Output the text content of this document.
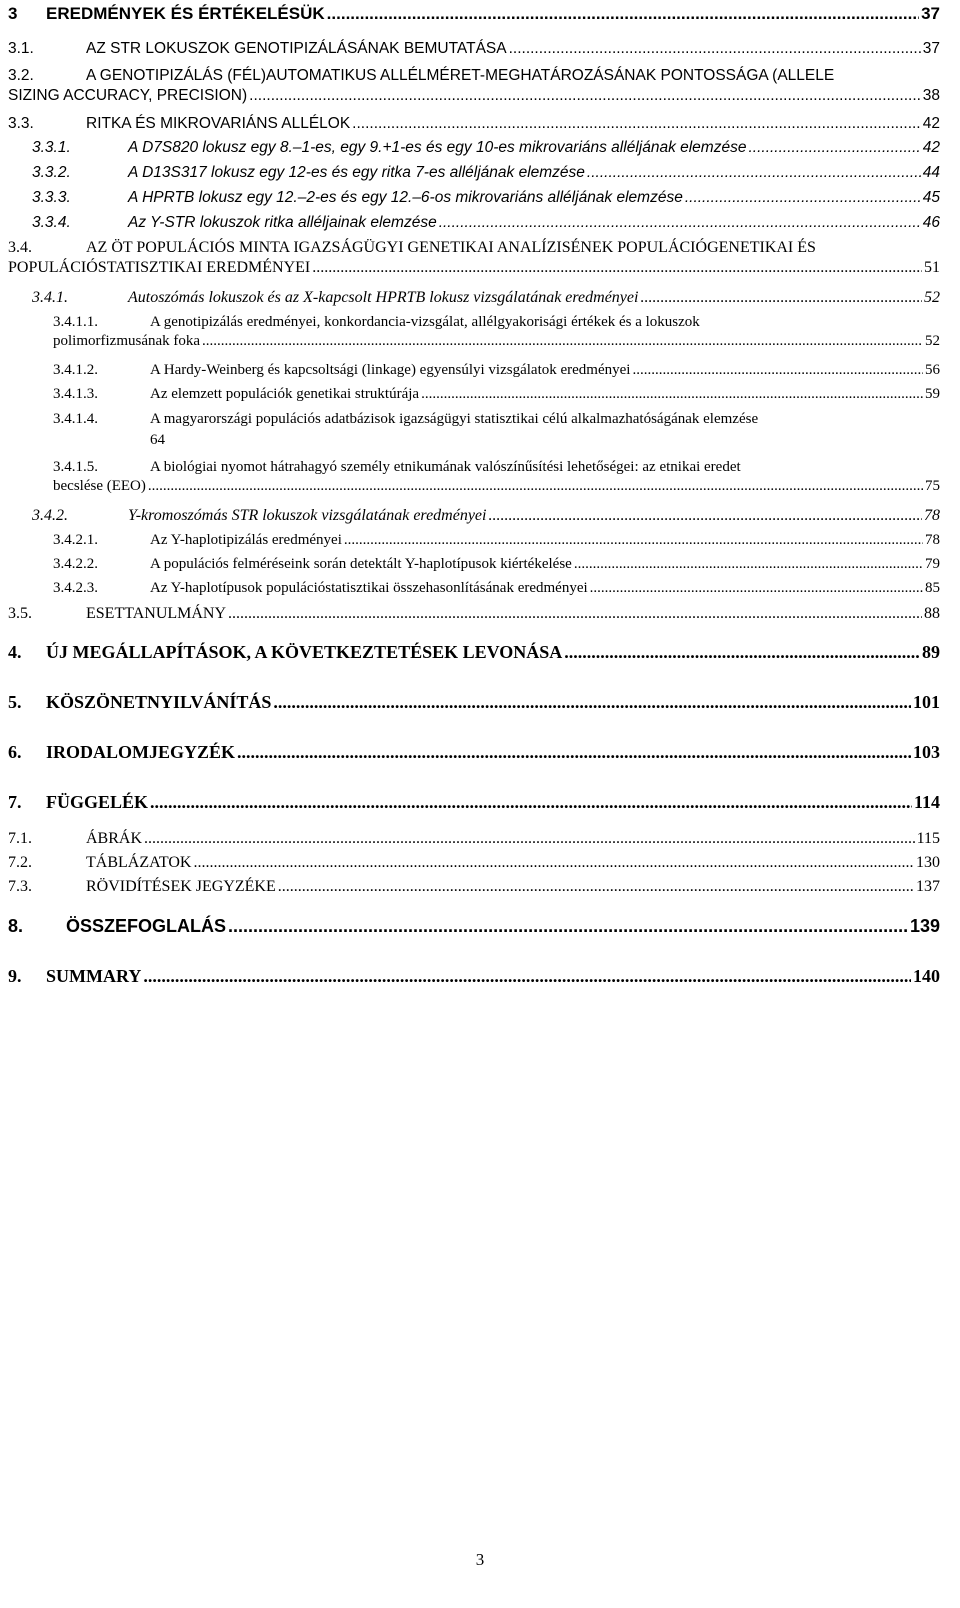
3	EREDMÉNYEK ÉS ÉRTÉKELÉSÜK .....	37
3.1.	AZ STR LOKUSZOK GENOTIPIZÁLÁSÁNAK BEMUTATÁSA .....	37
3.2.	A GENOTIPIZÁLÁS (FÉL)AUTOMATIKUS ALLÉLMÉRET-MEGHATÁROZÁSÁNAK PONTOSSÁGA (ALLELE
SIZING ACCURACY, PRECISION) .....	38
3.3.	RITKA ÉS MIKROVARIÁNS ALLÉLOK .....	42
3.3.1.	A D7S820 lokusz egy 8.–1-es, egy 9.+1-es és egy 10-es mikrovariáns alléljának elemzése .....	42
3.3.2.	A D13S317 lokusz egy 12-es és egy ritka 7-es alléljának elemzése .....	44
3.3.3.	A HPRTB lokusz egy 12.–2-es és egy 12.–6-os mikrovariáns alléljának elemzése .....	45
3.3.4.	Az Y-STR lokuszok ritka alléljainak elemzése .....	46
3.4.	AZ ÖT POPULÁCIÓS MINTA IGAZSÁGÜGYI GENETIKAI ANALÍZISÉNEK POPULÁCIÓGENETIKAI ÉS
POPULÁCIÓSTATISZTIKAI EREDMÉNYEI .....	51
3.4.1.	Autoszómás lokuszok és az X-kapcsolt HPRTB lokusz vizsgálatának eredményei .....	52
3.4.1.1.	A genotipizálás eredményei, konkordancia-vizsgálat, allélgyakorisági értékek és a lokuszok
polimorfizmusának foka .....	52
3.4.1.2.	A Hardy-Weinberg és kapcsoltsági (linkage) egyensúlyi vizsgálatok eredményei .....	56
3.4.1.3.	Az elemzett populációk genetikai struktúrája .....	59
3.4.1.4.	A magyarországi populációs adatbázisok igazságügyi statisztikai célú alkalmazhatóságának elemzése
64
3.4.1.5.	A biológiai nyomot hátrahagyó személy etnikumának valószínűsítési lehetőségei: az etnikai eredet
becslése (EEO) .....	75
3.4.2.	Y-kromoszómás STR lokuszok vizsgálatának eredményei .....	78
3.4.2.1.	Az Y-haplotipizálás eredményei .....	78
3.4.2.2.	A populációs felméréseink során detektált Y-haplotípusok kiértékelése .....	79
3.4.2.3.	Az Y-haplotípusok populációstatisztikai összehasonlításának eredményei .....	85
3.5.	ESETTANULMÁNY .....	88
4.	ÚJ MEGÁLLAPÍTÁSOK, A KÖVETKEZTETÉSEK LEVONÁSA .....	89
5.	KÖSZÖNETNYILVÁNÍTÁS .....	101
6.	IRODALOMJEGYZÉK .....	103
7.	FÜGGELÉK .....	114
7.1.	ÁBRÁK .....	115
7.2.	TÁBLÁZATOK .....	130
7.3.	RÖVIDÍTÉSEK JEGYZÉKE .....	137
8.	ÖSSZEFOGLALÁS .....	139
9.	SUMMARY .....	140
3
